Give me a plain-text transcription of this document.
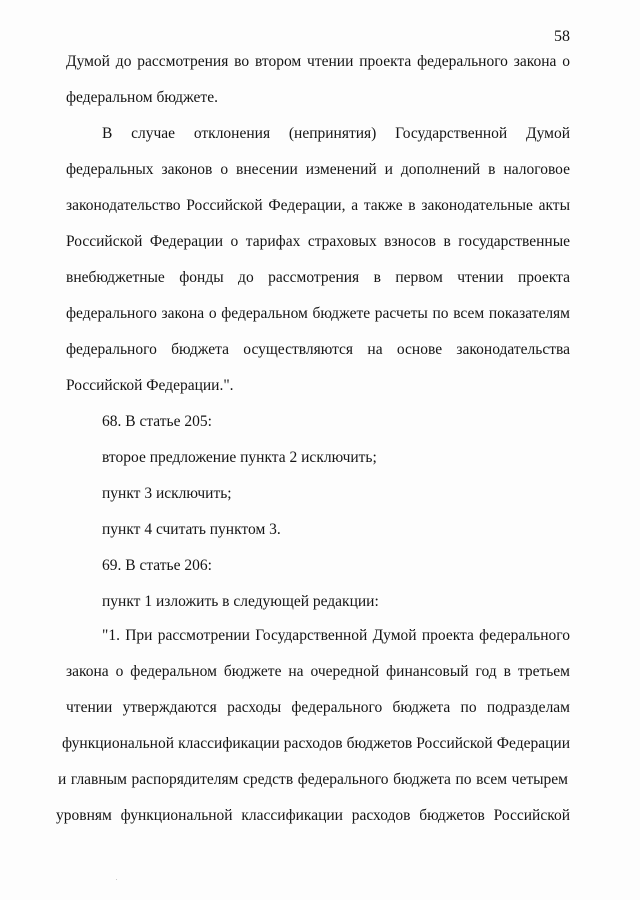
58
Думой до рассмотрения во втором чтении проекта федерального закона о
федеральном бюджете.
В случае отклонения (непринятия) Государственной Думой
федеральных законов о внесении изменений и дополнений в налоговое
законодательство Российской Федерации, а также в законодательные акты
Российской Федерации о тарифах страховых взносов в государственные
внебюджетные фонды до рассмотрения в первом чтении проекта
федерального закона о федеральном бюджете расчеты по всем показателям
федерального бюджета осуществляются на основе законодательства
Российской Федерации.".
68. В статье 205:
второе предложение пункта 2 исключить;
пункт 3 исключить;
пункт 4 считать пунктом 3.
69. В статье 206:
пункт 1 изложить в следующей редакции:
"1. При рассмотрении Государственной Думой проекта федерального
закона о федеральном бюджете на очередной финансовый год в третьем
чтении утверждаются расходы федерального бюджета по подразделам
функциональной классификации расходов бюджетов Российской Федерации
и главным распорядителям средств федерального бюджета по всем четырем
уровням функциональной классификации расходов бюджетов Российской
